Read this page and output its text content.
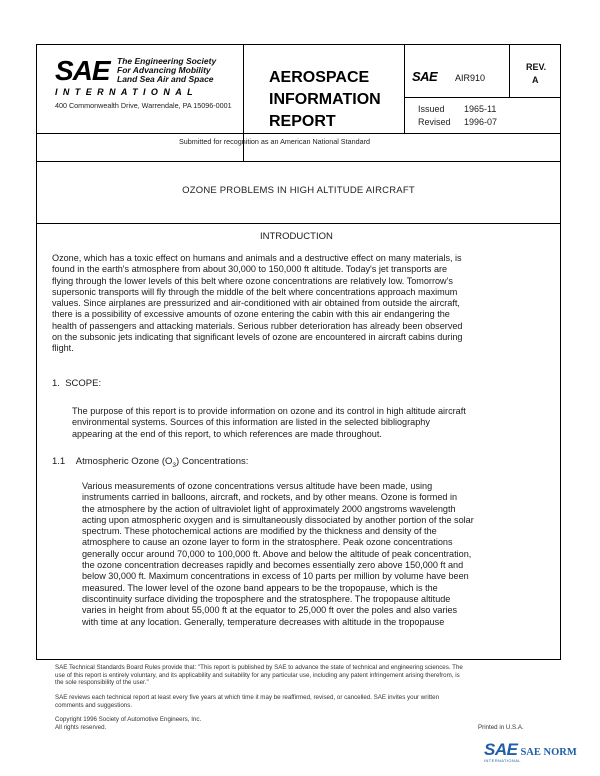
SAE The Engineering Society
For Advancing Mobility
Land Sea Air and Space
INTERNATIONAL
400 Commonwealth Drive, Warrendale, PA 15096-0001
AEROSPACE
INFORMATION
REPORT
SAE AIR910
REV.
A
Issued 1965-11
Revised 1996-07
Submitted for recognition as an American National Standard
OZONE PROBLEMS IN HIGH ALTITUDE AIRCRAFT
INTRODUCTION
Ozone, which has a toxic effect on humans and animals and a destructive effect on many materials, is
found in the earth's atmosphere from about 30,000 to 150,000 ft altitude. Today's jet transports are
flying through the lower levels of this belt where ozone concentrations are relatively low. Tomorrow's
supersonic transports will fly through the middle of the belt where concentrations approach maximum
values. Since airplanes are pressurized and air-conditioned with air obtained from outside the aircraft,
there is a possibility of excessive amounts of ozone entering the cabin with this air endangering the
health of passengers and attacking materials. Serious rubber deterioration has already been observed
on the subsonic jets indicating that significant levels of ozone are encountered in aircraft cabins during
flight.
1. SCOPE:
The purpose of this report is to provide information on ozone and its control in high altitude aircraft
environmental systems. Sources of this information are listed in the selected bibliography
appearing at the end of this report, to which references are made throughout.
1.1 Atmospheric Ozone $(O_3)$ Concentrations:
Various measurements of ozone concentrations versus altitude have been made, using
instruments carried in balloons, aircraft, and rockets, and by other means. Ozone is formed in
the atmosphere by the action of ultraviolet light of approximately 2000 angstroms wavelength
acting upon atmospheric oxygen and is simultaneously dissociated by another portion of the solar
spectrum. These photochemical actions are modified by the thickness and density of the
atmosphere to cause an ozone layer to form in the stratosphere. Peak ozone concentrations
generally occur around 70,000 to 100,000 ft. Above and below the altitude of peak concentration,
the ozone concentration decreases rapidly and becomes essentially zero above 150,000 ft and
below 30,000 ft. Maximum concentrations in excess of 10 parts per million by volume have been
measured. The lower level of the ozone band appears to be the tropopause, which is the
discontinuity surface dividing the troposphere and the stratosphere. The tropopause altitude
varies in height from about 55,000 ft at the equator to 25,000 ft over the poles and also varies
with time at any location. Generally, temperature decreases with altitude in the tropopause
SAE Technical Standards Board Rules provide that: "This report is published by SAE to advance the state of technical and engineering sciences. The
use of this report is entirely voluntary, and its applicability and suitability for any particular use, including any patent infringement arising therefrom, is
the sole responsibility of the user."
SAE reviews each technical report at least every five years at which time it may be reaffirmed, revised, or cancelled. SAE invites your written
comments and suggestions.
Copyright 1996 Society of Automotive Engineers, Inc.
All rights reserved.	Printed in U.S.A.
SAE SAE NORM
INTERNATIONAL
